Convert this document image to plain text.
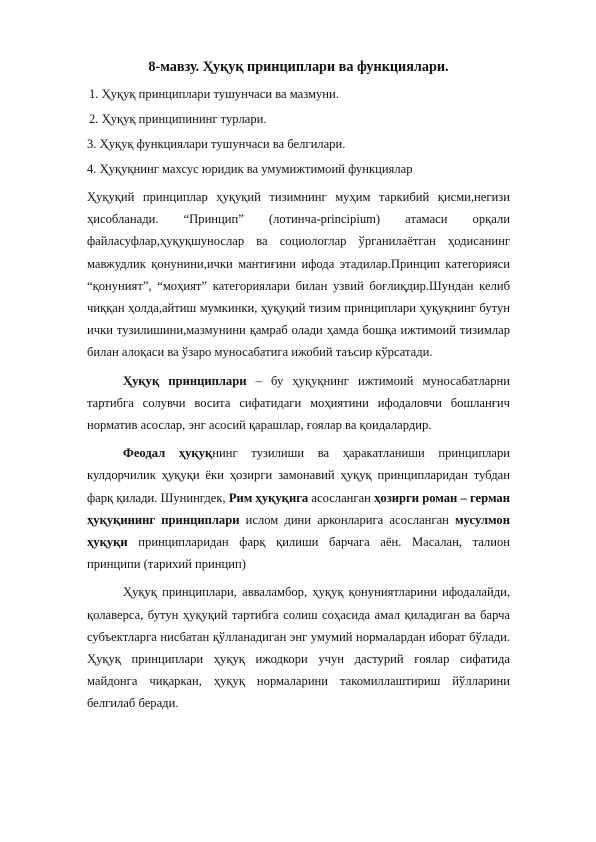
8-мавзу. Ҳуқуқ принциплари ва функциялари.
1. Ҳуқуқ принциплари тушунчаси ва мазмуни.
2. Ҳуқуқ принципининг турлари.
3. Ҳуқуқ функциялари тушунчаси ва белгилари.
4. Ҳуқуқнинг махсус юридик ва умумижтимоий функциялар

Ҳуқуқий принциплар ҳуқуқий тизимнинг муҳим таркибий қисми,негизи ҳисобланади. “Принцип” (лотинча-principium) атамаси орқали файласуфлар,ҳуқуқшунослар ва социологлар ўрганилаётган ҳодисанинг мавжудлик қонунини,ички мантиғини ифода этадилар.Принцип категорияси “қонуният”, “моҳият” категориялари билан узвий боғлиқдир.Шундан келиб чиққан ҳолда,айтиш мумкинки, ҳуқуқий тизим принциплари ҳуқуқнинг бутун ички тузилишини,мазмунини қамраб олади ҳамда бошқа ижтимоий тизимлар билан алоқаси ва ўзаро муносабатига ижобий таъсир кўрсатади.

Ҳуқуқ принциплари – бу ҳуқуқнинг ижтимоий муносабатларни тартибга солувчи восита сифатидаги моҳиятини ифодаловчи бошланғич норматив асослар, энг асосий қарашлар, ғоялар ва қоидалардир.

Феодал ҳуқуқнинг тузилиши ва ҳаракатланиши принциплари кулдорчилик ҳуқуқи ёки ҳозирги замонавий ҳуқуқ принципларидан тубдан фарқ қилади. Шунингдек, Рим ҳуқуқига асосланган ҳозирги роман – герман ҳуқуқининг принциплари ислом дини арконларига асосланган мусулмон ҳуқуқи принципларидан фарқ қилиши барчага аён. Масалан, талион принципи (тарихий принцип)

Ҳуқуқ принциплари, авваламбор, ҳуқуқ қонуниятларини ифодалайди, қолаверса, бутун ҳуқуқий тартибга солиш соҳасида амал қиладиган ва барча субъектларга нисбатан қўлланадиган энг умумий нормалардан иборат бўлади. Ҳуқуқ принциплари ҳуқуқ ижодкори учун дастурий ғоялар сифатида майдонга чиқаркан, ҳуқуқ нормаларини такомиллаштириш йўлларини белгилаб беради.
